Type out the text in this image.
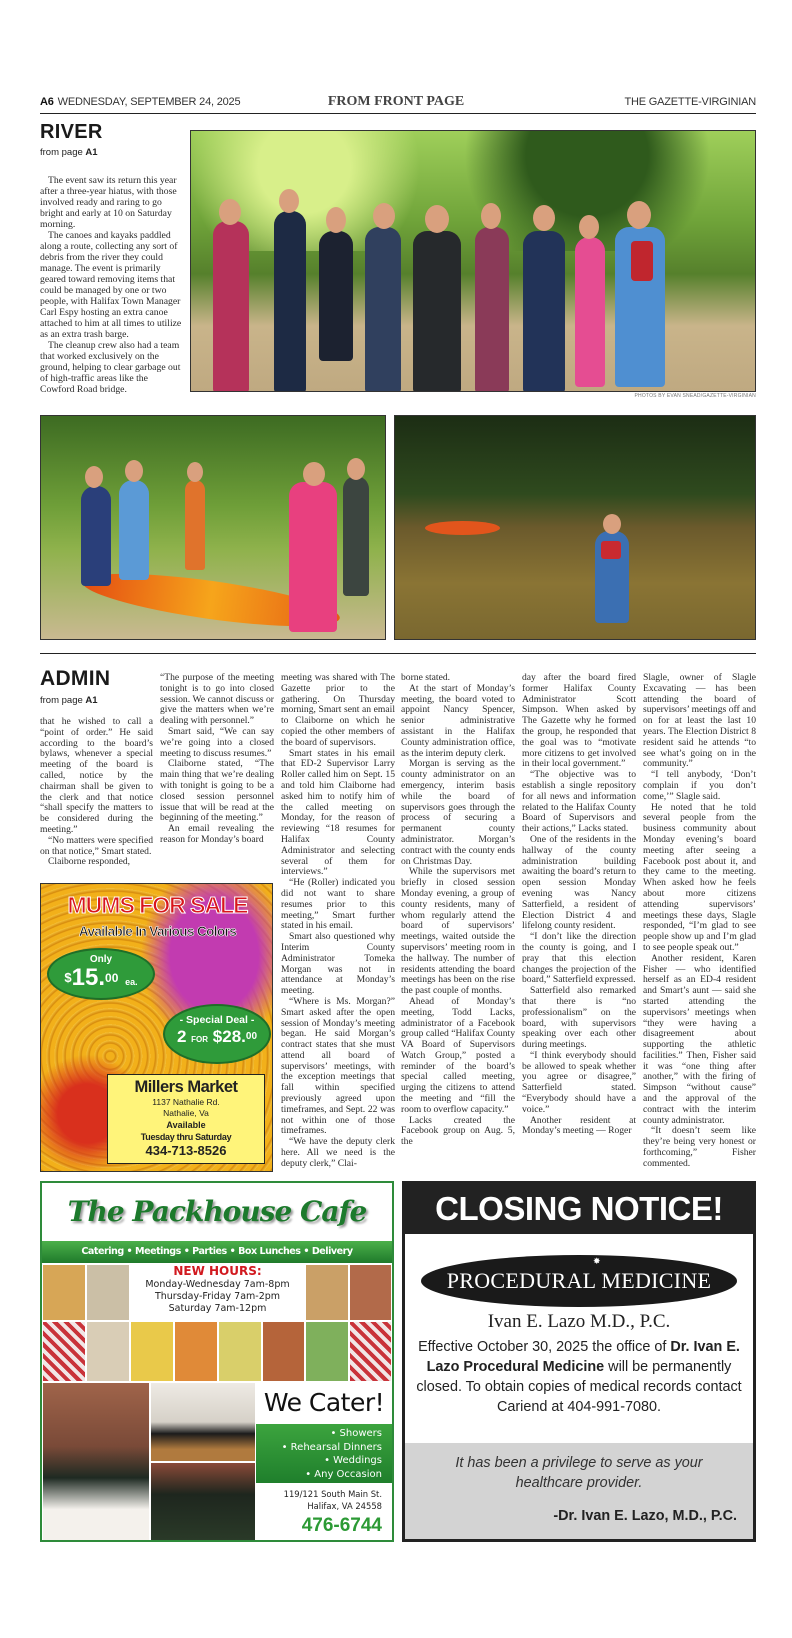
A6 WEDNESDAY, SEPTEMBER 24, 2025	FROM FRONT PAGE	THE GAZETTE-VIRGINIAN
RIVER
from page A1

The event saw its return this year after a three-year hiatus, with those involved ready and raring to go bright and early at 10 on Saturday morning.

The canoes and kayaks paddled along a route, collecting any sort of debris from the river they could manage. The event is primarily geared toward removing items that could be managed by one or two people, with Halifax Town Manager Carl Espy hosting an extra canoe attached to him at all times to utilize as an extra trash barge.

The cleanup crew also had a team that worked exclusively on the ground, helping to clear garbage out of high-traffic areas like the Cowford Road bridge.

PHOTOS BY EVAN SNEAD/GAZETTE-VIRGINIAN
ADMIN
from page A1

that he wished to call a “point of order.” He said according to the board’s bylaws, whenever a special meeting of the board is called, notice by the chairman shall be given to the clerk and that notice “shall specify the matters to be considered during the meeting.”

“No matters were specified on that notice,” Smart stated.

Claiborne responded,

“The purpose of the meeting tonight is to go into closed session. We cannot discuss or give the matters when we’re dealing with personnel.”

Smart said, “We can say we’re going into a closed meeting to discuss resumes.”

Claiborne stated, “The main thing that we’re dealing with tonight is going to be a closed session personnel issue that will be read at the beginning of the meeting.”

An email revealing the reason for Monday’s board

meeting was shared with The Gazette prior to the gathering. On Thursday morning, Smart sent an email to Claiborne on which he copied the other members of the board of supervisors.

Smart states in his email that ED-2 Supervisor Larry Roller called him on Sept. 15 and told him Claiborne had asked him to notify him of the called meeting on Monday, for the reason of reviewing “18 resumes for Halifax County Administrator and selecting several of them for interviews.”

“He (Roller) indicated you did not want to share resumes prior to this meeting,” Smart further stated in his email.

Smart also questioned why Interim County Administrator Tomeka Morgan was not in attendance at Monday’s meeting.

“Where is Ms. Morgan?” Smart asked after the open session of Monday’s meeting began. He said Morgan’s contract states that she must attend all board of supervisors’ meetings, with the exception meetings that fall within specified previously agreed upon timeframes, and Sept. 22 was not within one of those timeframes.

“We have the deputy clerk here. All we need is the deputy clerk,” Clai-

borne stated.

At the start of Monday’s meeting, the board voted to appoint Nancy Spencer, senior administrative assistant in the Halifax County administration office, as the interim deputy clerk.

Morgan is serving as the county administrator on an emergency, interim basis while the board of supervisors goes through the process of securing a permanent county administrator. Morgan’s contract with the county ends on Christmas Day.

While the supervisors met briefly in closed session Monday evening, a group of county residents, many of whom regularly attend the board of supervisors’ meetings, waited outside the supervisors’ meeting room in the hallway. The number of residents attending the board meetings has been on the rise the past couple of months.

Ahead of Monday’s meeting, Todd Lacks, administrator of a Facebook group called “Halifax County VA Board of Supervisors Watch Group,” posted a reminder of the board’s special called meeting, urging the citizens to attend the meeting and “fill the room to overflow capacity.”

Lacks created the Facebook group on Aug. 5, the

day after the board fired former Halifax County Administrator Scott Simpson. When asked by The Gazette why he formed the group, he responded that the goal was to “motivate more citizens to get involved in their local government.”

“The objective was to establish a single repository for all news and information related to the Halifax County Board of Supervisors and their actions,” Lacks stated.

One of the residents in the hallway of the county administration building awaiting the board’s return to open session Monday evening was Nancy Satterfield, a resident of Election District 4 and lifelong county resident.

“I don’t like the direction the county is going, and I pray that this election changes the projection of the board,” Satterfield expressed.

Satterfield also remarked that there is “no professionalism” on the board, with supervisors speaking over each other during meetings.

“I think everybody should be allowed to speak whether you agree or disagree,” Satterfield stated. “Everybody should have a voice.”

Another resident at Monday’s meeting — Roger

Slagle, owner of Slagle Excavating — has been attending the board of supervisors’ meetings off and on for at least the last 10 years. The Election District 8 resident said he attends “to see what’s going on in the community.”

“I tell anybody, ‘Don’t complain if you don’t come,’” Slagle said.

He noted that he told several people from the business community about Monday evening’s board meeting after seeing a Facebook post about it, and they came to the meeting. When asked how he feels about more citizens attending supervisors’ meetings these days, Slagle responded, “I’m glad to see people show up and I’m glad to see people speak out.”

Another resident, Karen Fisher — who identified herself as an ED-4 resident and Smart’s aunt — said she started attending the supervisors’ meetings when “they were having a disagreement about supporting the athletic facilities.” Then, Fisher said it was “one thing after another,” with the firing of Simpson “without cause” and the approval of the contract with the interim county administrator.

“It doesn’t seem like they’re being very honest or forthcoming,” Fisher commented.

MUMS FOR SALE
Available In Various Colors
Only
$15.00 ea.
- Special Deal -
2 FOR $28.00
Millers Market
1137 Nathalie Rd.
Nathalie, Va
Available
Tuesday thru Saturday
434-713-8526
The Packhouse Cafe
Catering • Meetings • Parties • Box Lunches • Delivery
NEW HOURS:
Monday-Wednesday 7am-8pm
Thursday-Friday 7am-2pm
Saturday 7am-12pm
We Cater!
• Showers
• Rehearsal Dinners
• Weddings
• Any Occasion
119/121 South Main St.
Halifax, VA 24558
476-6744
CLOSING NOTICE!
✸
PROCEDURAL MEDICINE
Ivan E. Lazo M.D., P.C.
Effective October 30, 2025 the office of Dr. Ivan E. Lazo Procedural Medicine will be permanently closed. To obtain copies of medical records contact Cariend at 404-991-7080.
It has been a privilege to serve as your healthcare provider.
-Dr. Ivan E. Lazo, M.D., P.C.
